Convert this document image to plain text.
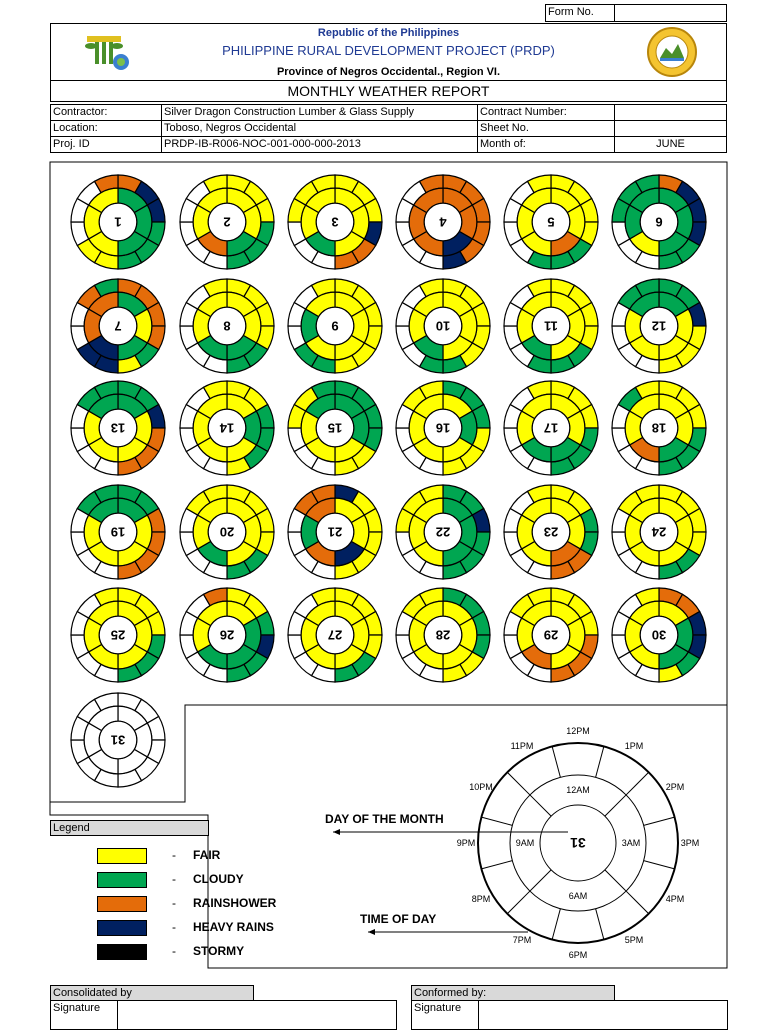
Form No.
Republic of the Philippines
PHILIPPINE RURAL DEVELOPMENT PROJECT (PRDP)
Province of Negros Occidental., Region VI.
MONTHLY WEATHER REPORT
Contractor:	Silver Dragon Construction Lumber & Glass Supply	Contract Number:
Location:	Toboso, Negros Occidental	Sheet No.
Proj. ID	PRDP-IB-R006-NOC-001-000-000-2013	Month of:	JUNE
1	2	3	4	5	6
7	8	9	10	11	12
13	14	15	16	17	18
19	20	21	22	23	24
25	26	27	28	29	30
31
31
12PM
1PM
2PM
3PM
4PM
5PM
6PM
7PM
8PM
9PM
10PM
11PM
12AM
3AM
6AM
9AM
Legend
- FAIR
- CLOUDY
- RAINSHOWER
- HEAVY RAINS
- STORMY
DAY OF THE MONTH
TIME OF DAY
Consolidated by
Signature
Conformed by:
Signature
